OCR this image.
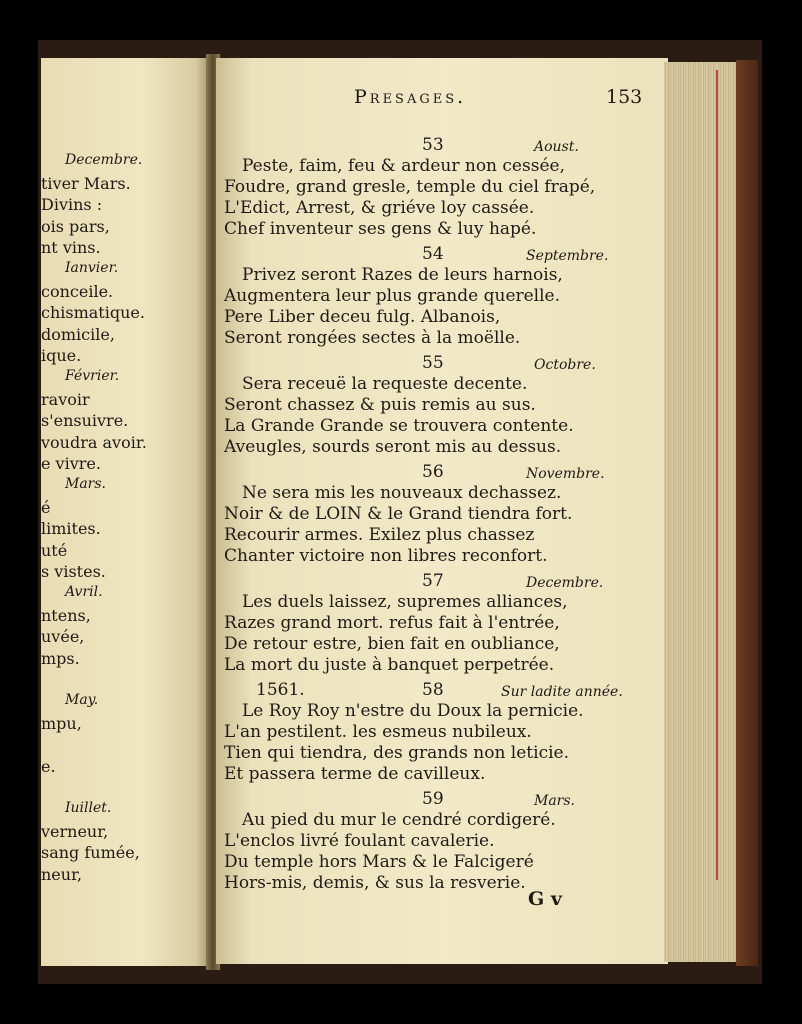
Decembre.
tiver Mars.
Divins :
ois pars,
nt vins.
Ianvier.
conceile.
chismatique.
domicile,
ique.
Février.
ravoir
s'ensuivre.
voudra avoir.
e vivre.
Mars.
é
limites.
uté
s vistes.
Avril.
ntens,
uvée,
mps.
May.
mpu,
e.
Iuillet.
verneur,
sang fumée,
neur,
Presages.	153
53	Aoust.
Peste, faim, feu & ardeur non cessée,
Foudre, grand gresle, temple du ciel frapé,
L'Edict, Arrest, & griéve loy cassée.
Chef inventeur ses gens & luy hapé.
54	Septembre.
Privez seront Razes de leurs harnois,
Augmentera leur plus grande querelle.
Pere Liber deceu fulg. Albanois,
Seront rongées sectes à la moëlle.
55	Octobre.
Sera receuë la requeste decente.
Seront chassez & puis remis au sus.
La Grande Grande se trouvera contente.
Aveugles, sourds seront mis au dessus.
56	Novembre.
Ne sera mis les nouveaux dechassez.
Noir & de LOIN & le Grand tiendra fort.
Recourir armes. Exilez plus chassez
Chanter victoire non libres reconfort.
57	Decembre.
Les duels laissez, supremes alliances,
Razes grand mort. refus fait à l'entrée,
De retour estre, bien fait en oubliance,
La mort du juste à banquet perpetrée.
1561.	58	Sur ladite année.
Le Roy Roy n'estre du Doux la pernicie.
L'an pestilent. les esmeus nubileux.
Tien qui tiendra, des grands non leticie.
Et passera terme de cavilleux.
59	Mars.
Au pied du mur le cendré cordigeré.
L'enclos livré foulant cavalerie.
Du temple hors Mars & le Falcigeré
Hors-mis, demis, & sus la resverie.
G v
